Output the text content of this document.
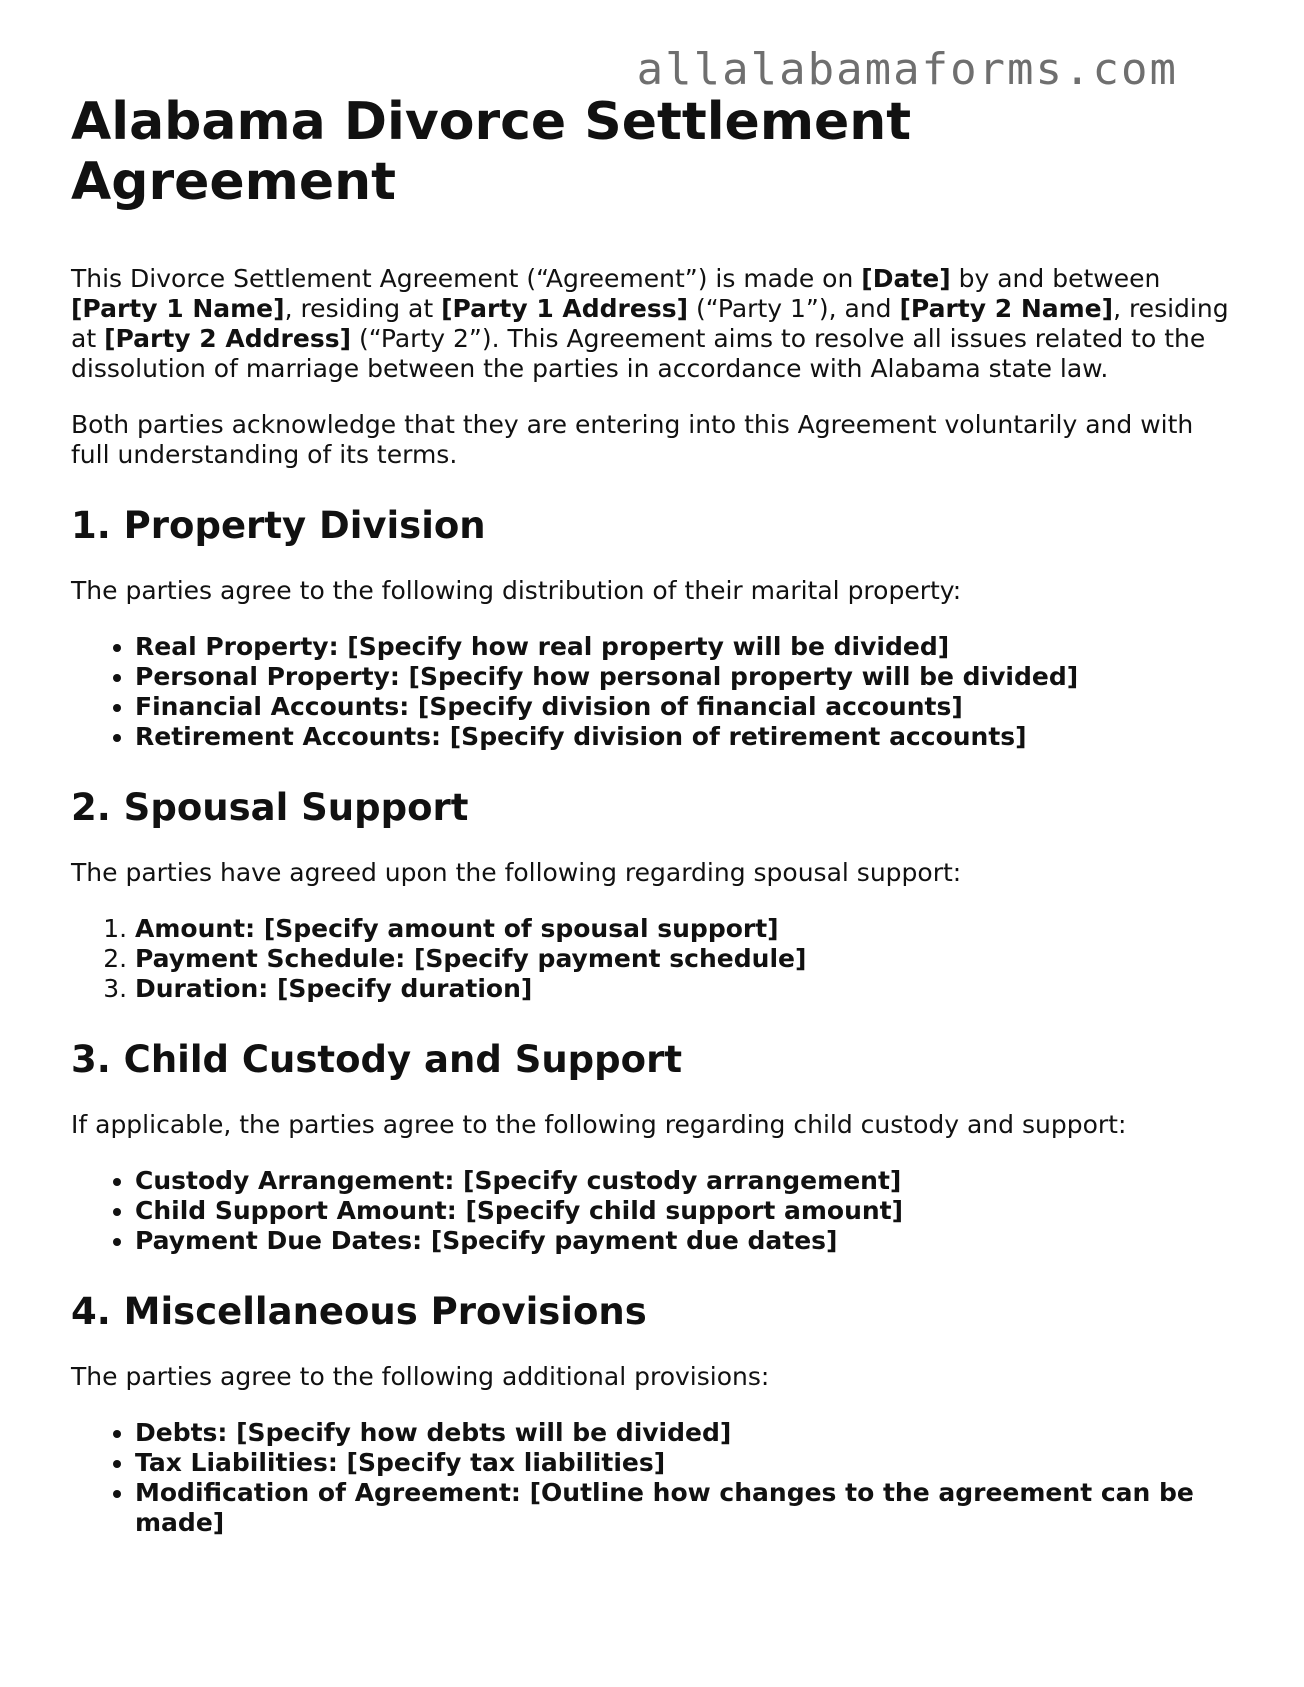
allalabamaforms.com
Alabama Divorce Settlement Agreement

This Divorce Settlement Agreement (“Agreement”) is made on [Date] by and between [Party 1 Name], residing at [Party 1 Address] (“Party 1”), and [Party 2 Name], residing at [Party 2 Address] (“Party 2”). This Agreement aims to resolve all issues related to the dissolution of marriage between the parties in accordance with Alabama state law.

Both parties acknowledge that they are entering into this Agreement voluntarily and with full understanding of its terms.

1. Property Division

The parties agree to the following distribution of their marital property:

• Real Property: [Specify how real property will be divided]
• Personal Property: [Specify how personal property will be divided]
• Financial Accounts: [Specify division of financial accounts]
• Retirement Accounts: [Specify division of retirement accounts]
2. Spousal Support

The parties have agreed upon the following regarding spousal support:

1. Amount: [Specify amount of spousal support]
2. Payment Schedule: [Specify payment schedule]
3. Duration: [Specify duration]
3. Child Custody and Support

If applicable, the parties agree to the following regarding child custody and support:

• Custody Arrangement: [Specify custody arrangement]
• Child Support Amount: [Specify child support amount]
• Payment Due Dates: [Specify payment due dates]
4. Miscellaneous Provisions

The parties agree to the following additional provisions:

• Debts: [Specify how debts will be divided]
• Tax Liabilities: [Specify tax liabilities]
• Modification of Agreement: [Outline how changes to the agreement can be made]
